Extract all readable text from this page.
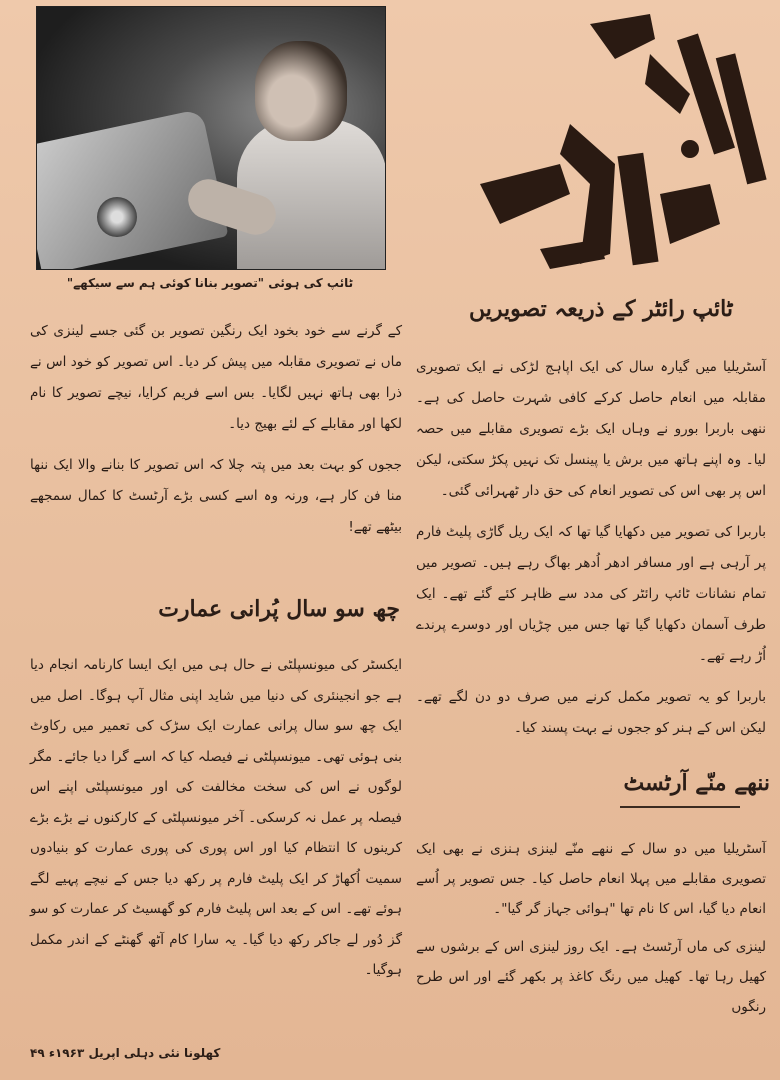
ٹائپ کی ہوئی "تصویر بنانا کوئی ہم سے سیکھے"
ٹائپ رائٹر کے ذریعہ تصویریں

آسٹریلیا میں گیارہ سال کی ایک اپاہج لڑکی نے ایک تصویری مقابلہ میں انعام حاصل کرکے کافی شہرت حاصل کی ہے۔ ننھی باربرا بورو نے وہاں ایک بڑے تصویری مقابلے میں حصہ لیا۔ وہ اپنے ہاتھ میں برش یا پینسل تک نہیں پکڑ سکتی، لیکن اس پر بھی اس کی تصویر انعام کی حق دار ٹھہرائی گئی۔

باربرا کی تصویر میں دکھایا گیا تھا کہ ایک ریل گاڑی پلیٹ فارم پر آرہی ہے اور مسافر ادھر اُدھر بھاگ رہے ہیں۔ تصویر میں تمام نشانات ٹائپ رائٹر کی مدد سے ظاہر کئے گئے تھے۔ ایک طرف آسمان دکھایا گیا تھا جس میں چڑیاں اور دوسرے پرندے اُڑ رہے تھے۔

باربرا کو یہ تصویر مکمل کرنے میں صرف دو دن لگے تھے۔ لیکن اس کے ہنر کو ججوں نے بہت پسند کیا۔

ننھے منّے آرٹسٹ

آسٹریلیا میں دو سال کے ننھے منّے لینزی ہنزی نے بھی ایک تصویری مقابلے میں پہلا انعام حاصل کیا۔ جس تصویر پر اُسے انعام دیا گیا، اس کا نام تھا "ہوائی جہاز گر گیا"۔

لینزی کی ماں آرٹسٹ ہے۔ ایک روز لینزی اس کے برشوں سے کھیل رہا تھا۔ کھیل میں رنگ کاغذ پر بکھر گئے اور اس طرح رنگوں

کے گرنے سے خود بخود ایک رنگین تصویر بن گئی جسے لینزی کی ماں نے تصویری مقابلہ میں پیش کر دیا۔ اس تصویر کو خود اس نے ذرا بھی ہاتھ نہیں لگایا۔ بس اسے فریم کرایا، نیچے تصویر کا نام لکھا اور مقابلے کے لئے بھیج دیا۔

ججوں کو بہت بعد میں پتہ چلا کہ اس تصویر کا بنانے والا ایک ننھا منا فن کار ہے، ورنہ وہ اسے کسی بڑے آرٹسٹ کا کمال سمجھے بیٹھے تھے!

چھ سو سال پُرانی عمارت

ایکسٹر کی میونسپلٹی نے حال ہی میں ایک ایسا کارنامہ انجام دیا ہے جو انجینئری کی دنیا میں شاید اپنی مثال آپ ہوگا۔ اصل میں ایک چھ سو سال پرانی عمارت ایک سڑک کی تعمیر میں رکاوٹ بنی ہوئی تھی۔ میونسپلٹی نے فیصلہ کیا کہ اسے گرا دیا جائے۔ مگر لوگوں نے اس کی سخت مخالفت کی اور میونسپلٹی اپنے اس فیصلہ پر عمل نہ کرسکی۔ آخر میونسپلٹی کے کارکنوں نے بڑے بڑے کرینوں کا انتظام کیا اور اس پوری کی پوری عمارت کو بنیادوں سمیت اُکھاڑ کر ایک پلیٹ فارم پر رکھ دیا جس کے نیچے پہیے لگے ہوئے تھے۔ اس کے بعد اس پلیٹ فارم کو گھسیٹ کر عمارت کو سو گز دُور لے جاکر رکھ دیا گیا۔ یہ سارا کام آٹھ گھنٹے کے اندر مکمل ہوگیا۔

کھلونا نئی دہلی اپریل ۱۹۶۳ء ۴۹
